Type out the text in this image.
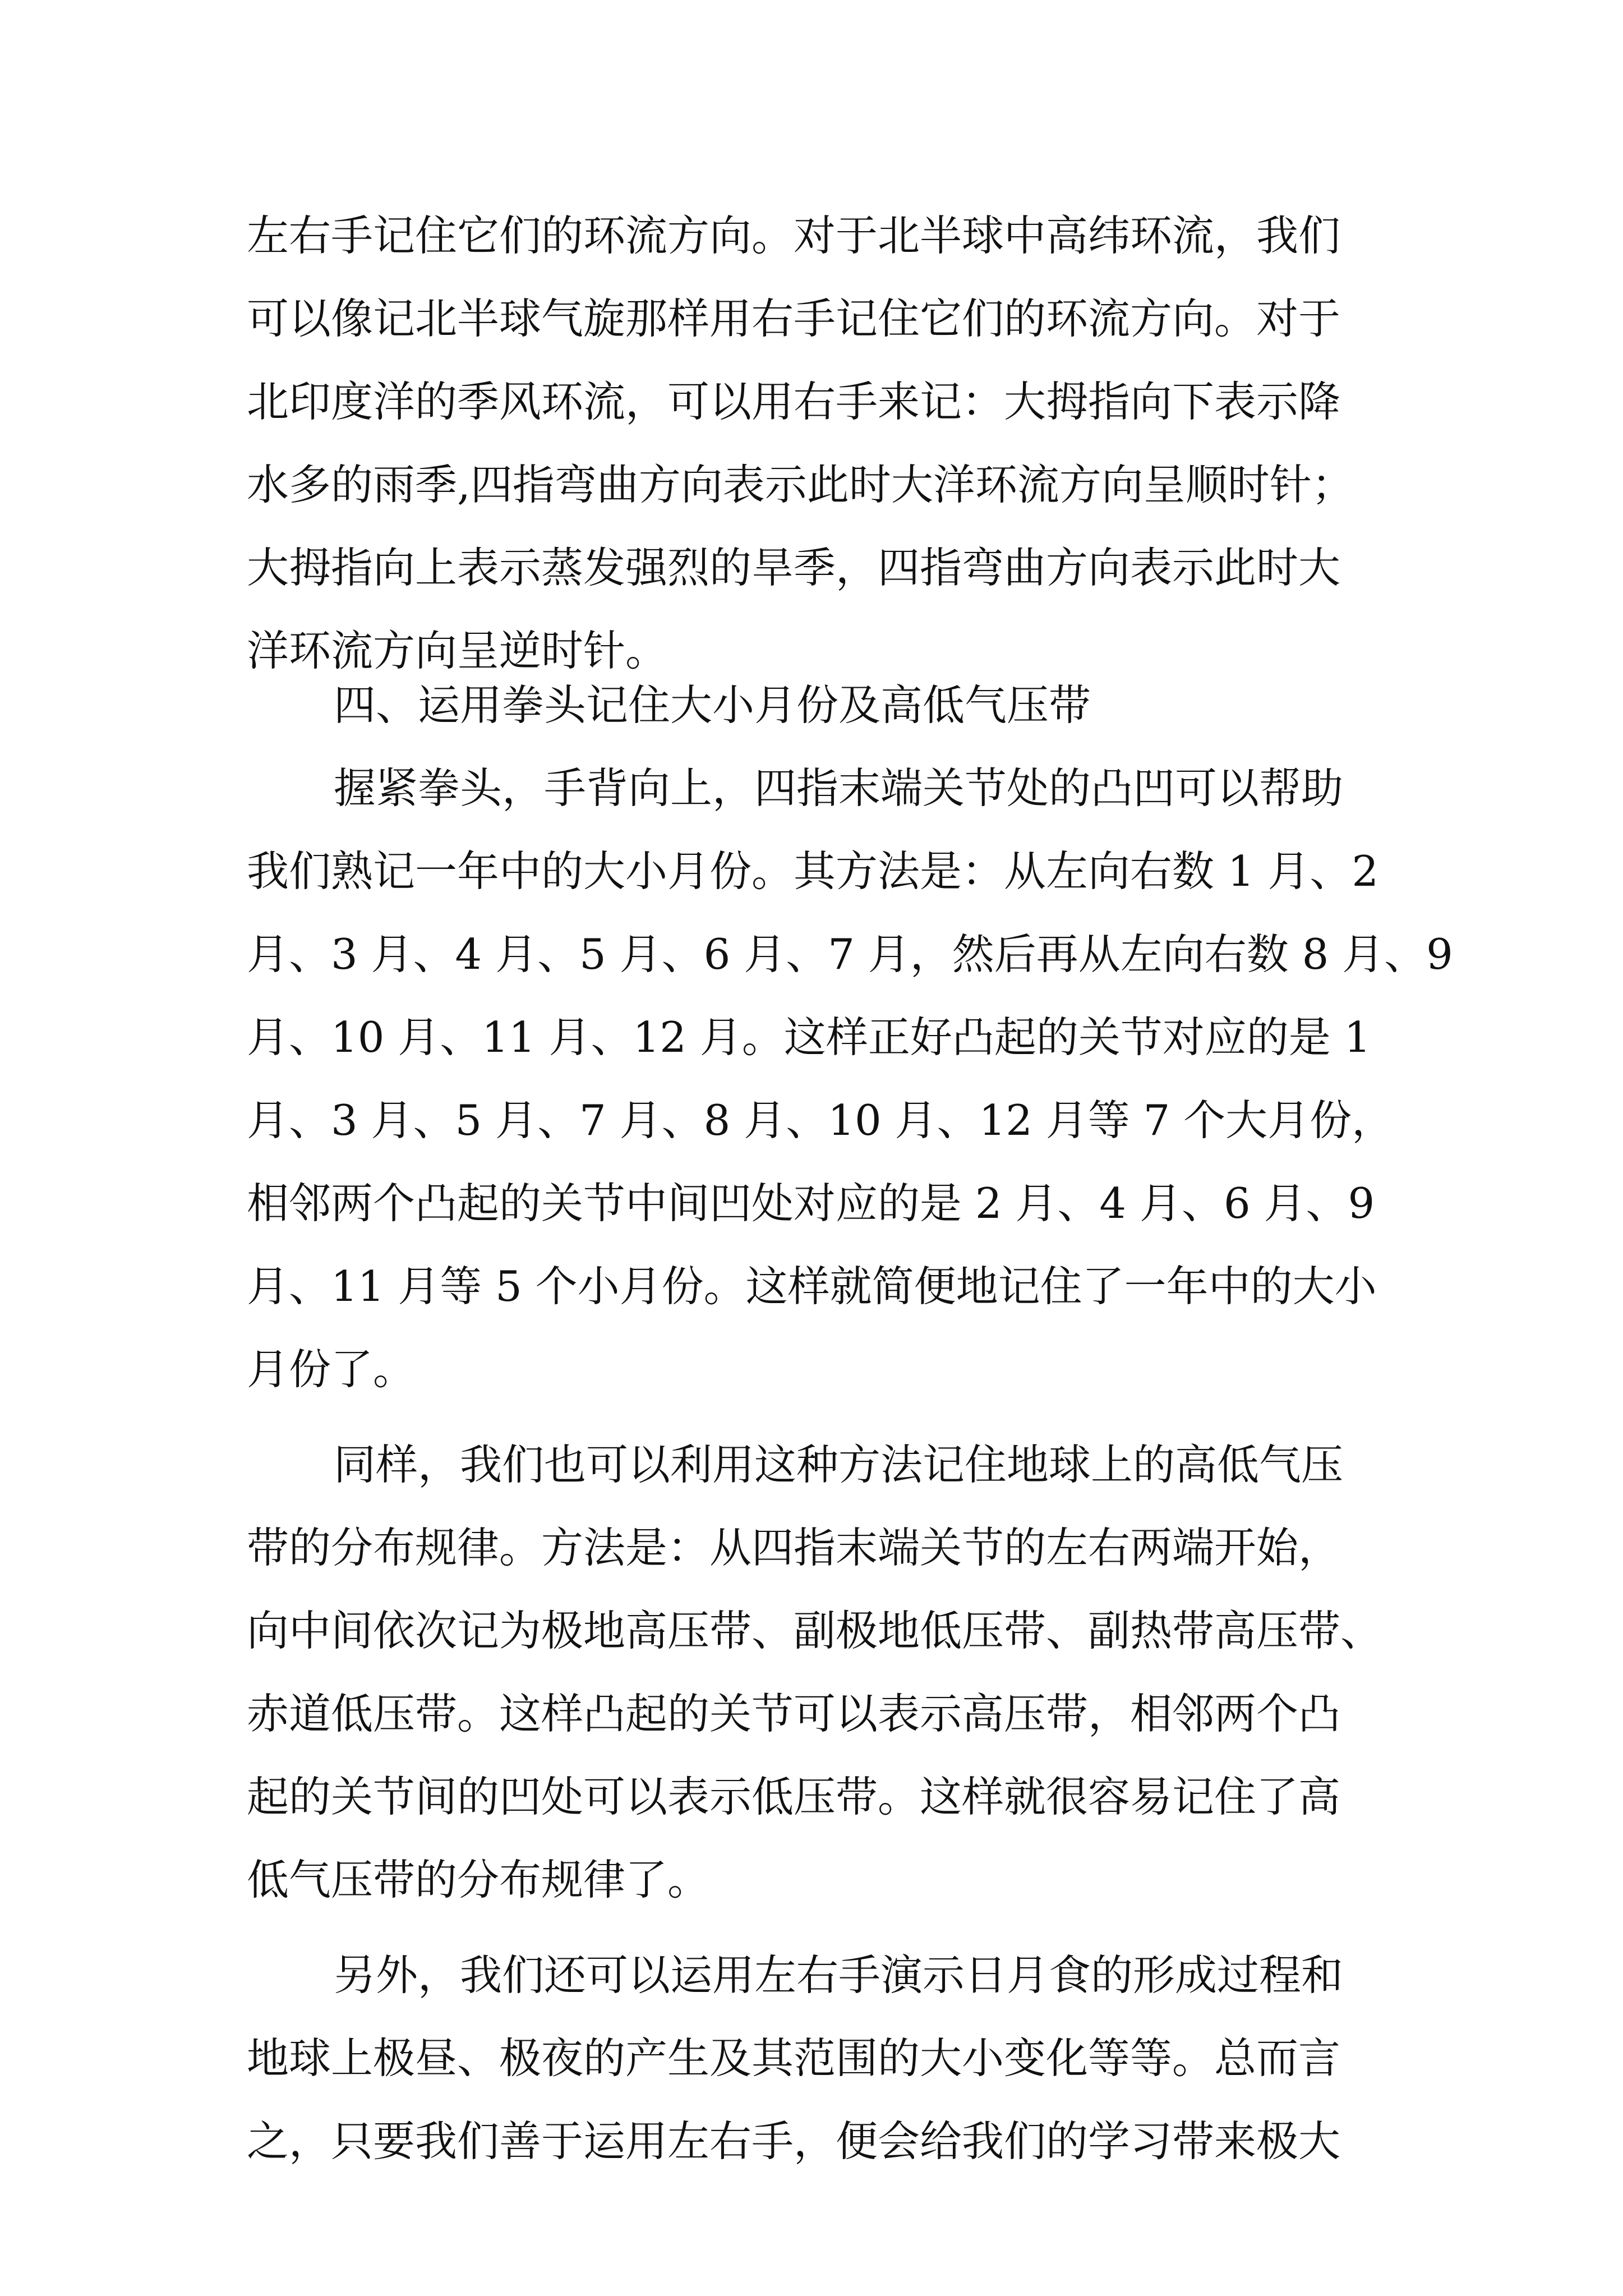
左右手记住它们的环流方向。对于北半球中高纬环流，我们
可以像记北半球气旋那样用右手记住它们的环流方向。对于
北印度洋的季风环流，可以用右手来记：大拇指向下表示降
水多的雨季,四指弯曲方向表示此时大洋环流方向呈顺时针；
大拇指向上表示蒸发强烈的旱季，四指弯曲方向表示此时大
洋环流方向呈逆时针。
四、运用拳头记住大小月份及高低气压带
握紧拳头，手背向上，四指末端关节处的凸凹可以帮助
我们熟记一年中的大小月份。其方法是：从左向右数 1 月、2
月、3 月、4 月、5 月、6 月、7 月，然后再从左向右数 8 月、9
月、10 月、11 月、12 月。这样正好凸起的关节对应的是 1
月、3 月、5 月、7 月、8 月、10 月、12 月等 7 个大月份，
相邻两个凸起的关节中间凹处对应的是 2 月、4 月、6 月、9
月、11 月等 5 个小月份。这样就简便地记住了一年中的大小
月份了。
同样，我们也可以利用这种方法记住地球上的高低气压
带的分布规律。方法是：从四指末端关节的左右两端开始，
向中间依次记为极地高压带、副极地低压带、副热带高压带、
赤道低压带。这样凸起的关节可以表示高压带，相邻两个凸
起的关节间的凹处可以表示低压带。这样就很容易记住了高
低气压带的分布规律了。
另外，我们还可以运用左右手演示日月食的形成过程和
地球上极昼、极夜的产生及其范围的大小变化等等。总而言
之，只要我们善于运用左右手，便会给我们的学习带来极大
